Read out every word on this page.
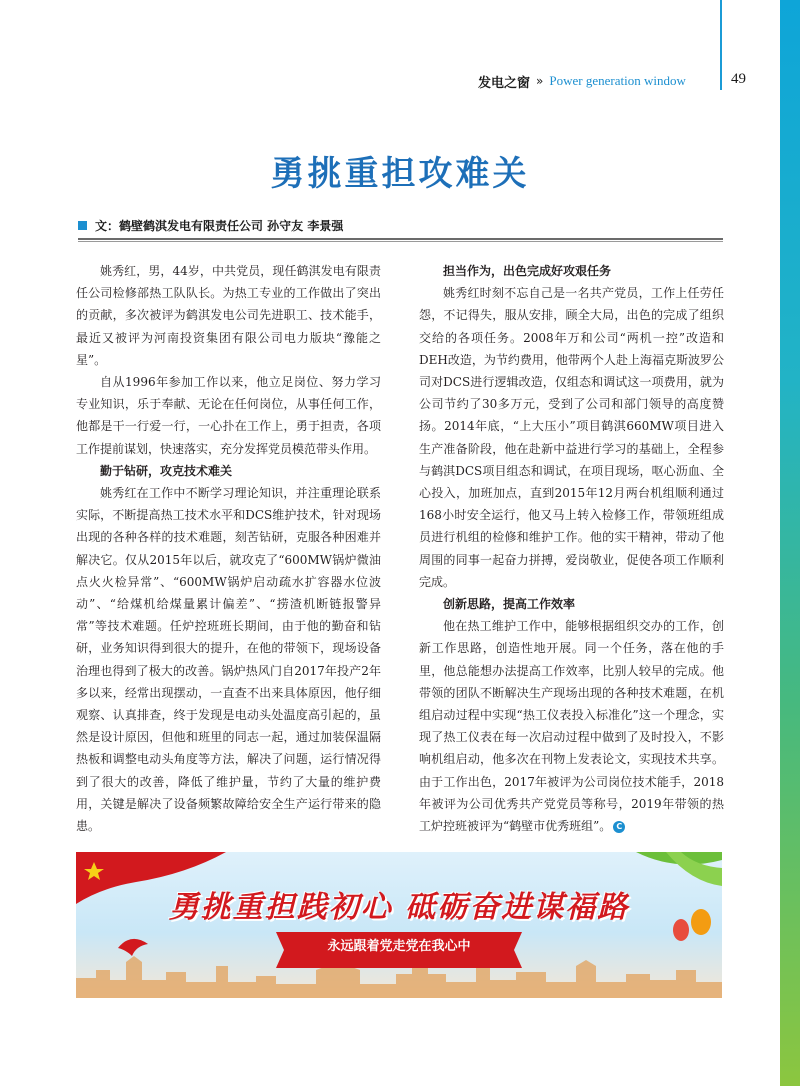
发电之窗 » Power generation window	49
勇挑重担攻难关
文：鹤壁鹤淇发电有限责任公司 孙守友 李景强

姚秀红，男，44岁，中共党员，现任鹤淇发电有限责任公司检修部热工队队长。为热工专业的工作做出了突出的贡献，多次被评为鹤淇发电公司先进职工、技术能手，最近又被评为河南投资集团有限公司电力版块“豫能之星”。

自从1996年参加工作以来，他立足岗位、努力学习专业知识，乐于奉献、无论在任何岗位，从事任何工作，他都是干一行爱一行，一心扑在工作上，勇于担责，各项工作提前谋划，快速落实，充分发挥党员模范带头作用。

勤于钻研，攻克技术难关

姚秀红在工作中不断学习理论知识，并注重理论联系实际，不断提高热工技术水平和DCS维护技术，针对现场出现的各种各样的技术难题，刻苦钻研，克服各种困难并解决它。仅从2015年以后，就攻克了“600MW锅炉微油点火火检异常”、“600MW锅炉启动疏水扩容器水位波动”、“给煤机给煤量累计偏差”、“捞渣机断链报警异常”等技术难题。任炉控班班长期间，由于他的勤奋和钻研，业务知识得到很大的提升，在他的带领下，现场设备治理也得到了极大的改善。锅炉热风门自2017年投产2年多以来，经常出现摆动，一直查不出来具体原因，他仔细观察、认真排查，终于发现是电动头处温度高引起的，虽然是设计原因，但他和班里的同志一起，通过加装保温隔热板和调整电动头角度等方法，解决了问题，运行情况得到了很大的改善，降低了维护量，节约了大量的维护费用，关键是解决了设备频繁故障给安全生产运行带来的隐患。

担当作为，出色完成好攻艰任务

姚秀红时刻不忘自己是一名共产党员，工作上任劳任怨，不记得失，服从安排，顾全大局，出色的完成了组织交给的各项任务。2008年万和公司“两机一控”改造和DEH改造，为节约费用，他带两个人赴上海福克斯波罗公司对DCS进行逻辑改造，仅组态和调试这一项费用，就为公司节约了30多万元，受到了公司和部门领导的高度赞扬。2014年底，“上大压小”项目鹤淇660MW项目进入生产准备阶段，他在赴新中益进行学习的基础上，全程参与鹤淇DCS项目组态和调试，在项目现场，呕心沥血、全心投入，加班加点，直到2015年12月两台机组顺利通过168小时安全运行，他又马上转入检修工作，带领班组成员进行机组的检修和维护工作。他的实干精神，带动了他周围的同事一起奋力拼搏，爱岗敬业，促使各项工作顺利完成。

创新思路，提高工作效率

他在热工维护工作中，能够根据组织交办的工作，创新工作思路，创造性地开展。同一个任务，落在他的手里，他总能想办法提高工作效率，比别人较早的完成。他带领的团队不断解决生产现场出现的各种技术难题，在机组启动过程中实现“热工仪表投入标准化”这一个理念，实现了热工仪表在每一次启动过程中做到了及时投入，不影响机组启动，他多次在刊物上发表论文，实现技术共享。由于工作出色，2017年被评为公司岗位技术能手，2018年被评为公司优秀共产党党员等称号，2019年带领的热工炉控班被评为“鹤壁市优秀班组”。 C

勇挑重担践初心 砥砺奋进谋福路
永远跟着党走党在我心中
